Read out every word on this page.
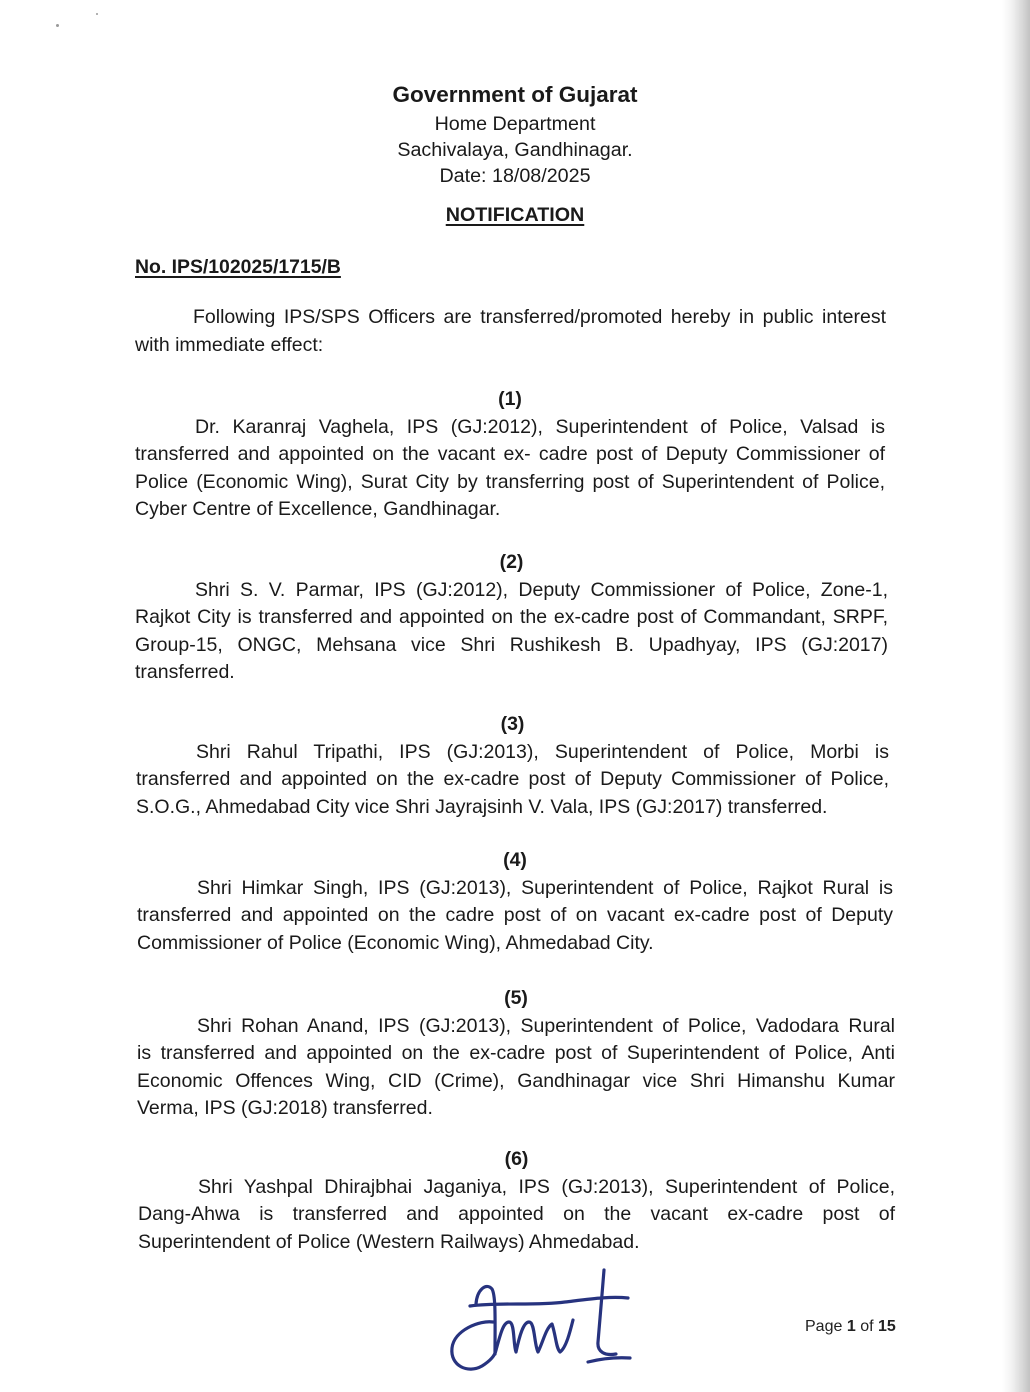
Government of Gujarat
Home Department
Sachivalaya, Gandhinagar.
Date: 18/08/2025
NOTIFICATION
No. IPS/102025/1715/B
Following IPS/SPS Officers are transferred/promoted hereby in public interest
with immediate effect:
(1)
Dr. Karanraj Vaghela, IPS (GJ:2012), Superintendent of Police, Valsad is
transferred and appointed on the vacant ex- cadre post of Deputy Commissioner of
Police (Economic Wing), Surat City by transferring post of Superintendent of Police,
Cyber Centre of Excellence, Gandhinagar.
(2)
Shri S. V. Parmar, IPS (GJ:2012), Deputy Commissioner of Police, Zone-1,
Rajkot City is transferred and appointed on the ex-cadre post of Commandant, SRPF,
Group-15, ONGC, Mehsana vice Shri Rushikesh B. Upadhyay, IPS (GJ:2017)
transferred.
(3)
Shri Rahul Tripathi, IPS (GJ:2013), Superintendent of Police, Morbi is
transferred and appointed on the ex-cadre post of Deputy Commissioner of Police,
S.O.G., Ahmedabad City vice Shri Jayrajsinh V. Vala, IPS (GJ:2017) transferred.
(4)
Shri Himkar Singh, IPS (GJ:2013), Superintendent of Police, Rajkot Rural is
transferred and appointed on the cadre post of on vacant ex-cadre post of Deputy
Commissioner of Police (Economic Wing), Ahmedabad City.
(5)
Shri Rohan Anand, IPS (GJ:2013), Superintendent of Police, Vadodara Rural
is transferred and appointed on the ex-cadre post of Superintendent of Police, Anti
Economic Offences Wing, CID (Crime), Gandhinagar vice Shri Himanshu Kumar
Verma, IPS (GJ:2018) transferred.
(6)
Shri Yashpal Dhirajbhai Jaganiya, IPS (GJ:2013), Superintendent of Police,
Dang-Ahwa is transferred and appointed on the vacant ex-cadre post of
Superintendent of Police (Western Railways) Ahmedabad.
Page 1 of 15
